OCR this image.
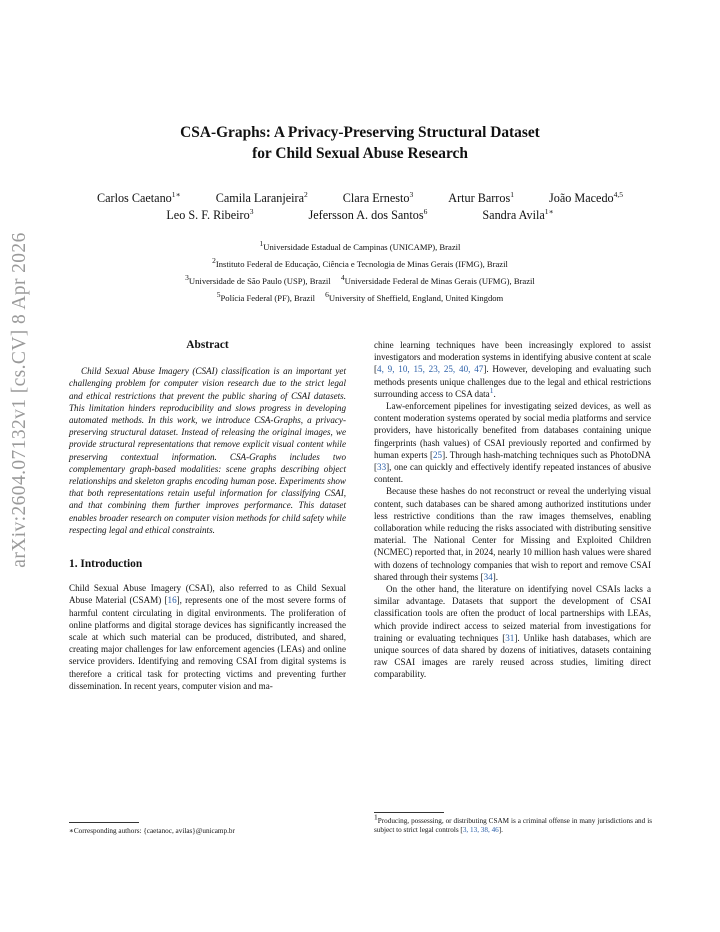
arXiv:2604.07132v1 [cs.CV] 8 Apr 2026
CSA-Graphs: A Privacy-Preserving Structural Dataset
for Child Sexual Abuse Research
Carlos Caetano$^{1∗}$	Camila Laranjeira$^2$	Clara Ernesto$^3$	Artur Barros$^1$	João Macedo$^{4,5}$
Leo S. F. Ribeiro$^3$	Jefersson A. dos Santos$^6$	Sandra Avila$^{1∗}$
$^1$Universidade Estadual de Campinas (UNICAMP), Brazil
$^2$Instituto Federal de Educação, Ciência e Tecnologia de Minas Gerais (IFMG), Brazil
$^3$Universidade de São Paulo (USP), Brazil $^4$Universidade Federal de Minas Gerais (UFMG), Brazil
$^5$Polícia Federal (PF), Brazil $^6$University of Sheffield, England, United Kingdom
Abstract

Child Sexual Abuse Imagery (CSAI) classification is an important yet challenging problem for computer vision research due to the strict legal and ethical restrictions that prevent the public sharing of CSAI datasets. This limitation hinders reproducibility and slows progress in developing automated methods. In this work, we introduce CSA-Graphs, a privacy-preserving structural dataset. Instead of releasing the original images, we provide structural representations that remove explicit visual content while preserving contextual information. CSA-Graphs includes two complementary graph-based modalities: scene graphs describing object relationships and skeleton graphs encoding human pose. Experiments show that both representations retain useful information for classifying CSAI, and that combining them further improves performance. This dataset enables broader research on computer vision methods for child safety while respecting legal and ethical constraints.

1. Introduction

Child Sexual Abuse Imagery (CSAI), also referred to as Child Sexual Abuse Material (CSAM) [16], represents one of the most severe forms of harmful content circulating in digital environments. The proliferation of online platforms and digital storage devices has significantly increased the scale at which such material can be produced, distributed, and shared, creating major challenges for law enforcement agencies (LEAs) and online service providers. Identifying and removing CSAI from digital systems is therefore a critical task for protecting victims and preventing further dissemination. In recent years, computer vision and ma-

chine learning techniques have been increasingly explored to assist investigators and moderation systems in identifying abusive content at scale [4, 9, 10, 15, 23, 25, 40, 47]. However, developing and evaluating such methods presents unique challenges due to the legal and ethical restrictions surrounding access to CSA data$^1$.

Law-enforcement pipelines for investigating seized devices, as well as content moderation systems operated by social media platforms and service providers, have historically benefited from databases containing unique fingerprints (hash values) of CSAI previously reported and confirmed by human experts [25]. Through hash-matching techniques such as PhotoDNA [33], one can quickly and effectively identify repeated instances of abusive content.

Because these hashes do not reconstruct or reveal the underlying visual content, such databases can be shared among authorized institutions under less restrictive conditions than the raw images themselves, enabling collaboration while reducing the risks associated with distributing sensitive material. The National Center for Missing and Exploited Children (NCMEC) reported that, in 2024, nearly 10 million hash values were shared with dozens of technology companies that wish to report and remove CSAI shared through their systems [34].

On the other hand, the literature on identifying novel CSAIs lacks a similar advantage. Datasets that support the development of CSAI classification tools are often the product of local partnerships with LEAs, which provide indirect access to seized material from investigations for training or evaluating techniques [31]. Unlike hash databases, which are unique sources of data shared by dozens of initiatives, datasets containing raw CSAI images are rarely reused across studies, limiting direct comparability.

∗Corresponding authors: {caetanoc, avilas}@unicamp.br
$^1$Producing, possessing, or distributing CSAM is a criminal offense in many jurisdictions and is subject to strict legal controls [3, 13, 38, 46].
